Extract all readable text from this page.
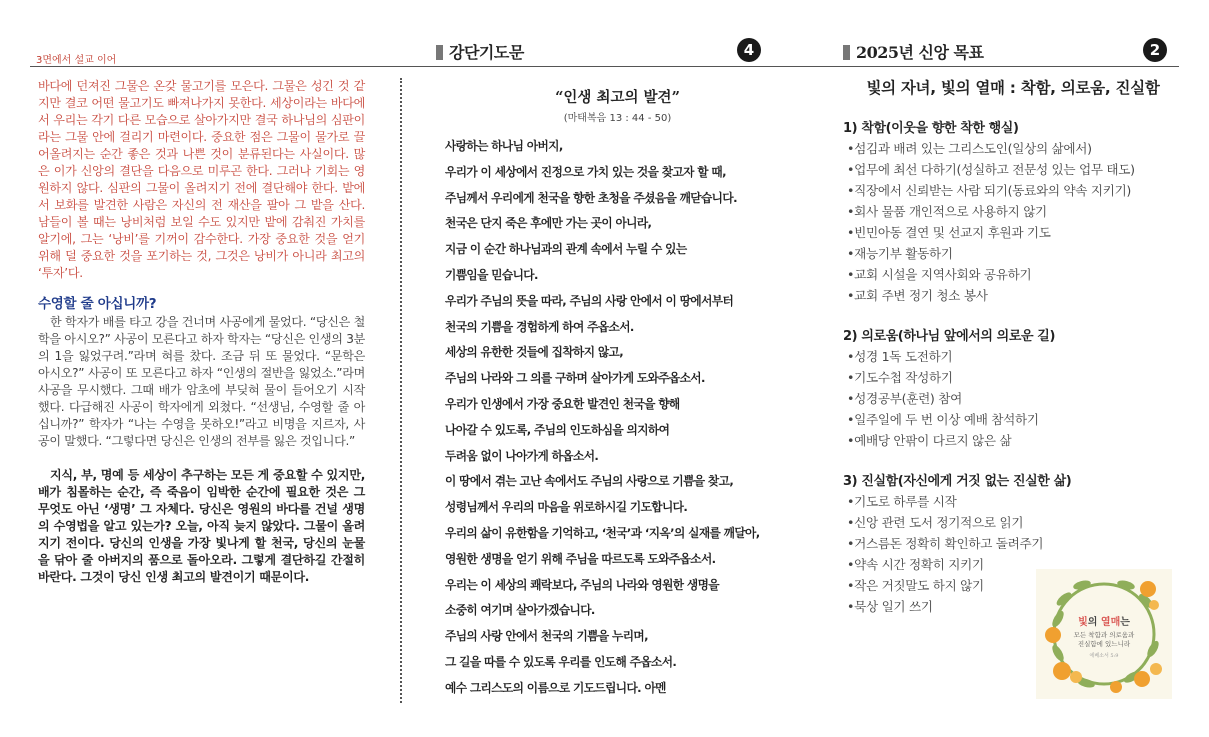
3면에서 설교 이어	강단기도문	4	2025년 신앙 목표	2
바다에 던져진 그물은 온갖 물고기를 모은다. 그물은 성긴 것 같지만 결코 어떤 물고기도 빠져나가지 못한다. 세상이라는 바다에서 우리는 각기 다른 모습으로 살아가지만 결국 하나님의 심판이라는 그물 안에 걸리기 마련이다. 중요한 점은 그물이 물가로 끌어올려지는 순간 좋은 것과 나쁜 것이 분류된다는 사실이다. 많은 이가 신앙의 결단을 다음으로 미루곤 한다. 그러나 기회는 영원하지 않다. 심판의 그물이 올려지기 전에 결단해야 한다. 밭에서 보화를 발견한 사람은 자신의 전 재산을 팔아 그 밭을 산다. 남들이 볼 때는 낭비처럼 보일 수도 있지만 밭에 감춰진 가치를 알기에, 그는 ‘낭비’를 기꺼이 감수한다. 가장 중요한 것을 얻기 위해 덜 중요한 것을 포기하는 것, 그것은 낭비가 아니라 최고의 ‘투자’다.
수영할 줄 아십니까?
한 학자가 배를 타고 강을 건너며 사공에게 물었다. “당신은 철학을 아시오?” 사공이 모른다고 하자 학자는 “당신은 인생의 3분의 1을 잃었구려.”라며 혀를 찼다. 조금 뒤 또 물었다. “문학은 아시오?” 사공이 또 모른다고 하자 “인생의 절반을 잃었소.”라며 사공을 무시했다. 그때 배가 암초에 부딪혀 물이 들어오기 시작했다. 다급해진 사공이 학자에게 외쳤다. “선생님, 수영할 줄 아십니까?” 학자가 “나는 수영을 못하오!”라고 비명을 지르자, 사공이 말했다. “그렇다면 당신은 인생의 전부를 잃은 것입니다.”
지식, 부, 명예 등 세상이 추구하는 모든 게 중요할 수 있지만, 배가 침몰하는 순간, 즉 죽음이 임박한 순간에 필요한 것은 그 무엇도 아닌 ‘생명’ 그 자체다. 당신은 영원의 바다를 건널 생명의 수영법을 알고 있는가? 오늘, 아직 늦지 않았다. 그물이 올려지기 전이다. 당신의 인생을 가장 빛나게 할 천국, 당신의 눈물을 닦아 줄 아버지의 품으로 돌아오라. 그렇게 결단하길 간절히 바란다. 그것이 당신 인생 최고의 발견이기 때문이다.
“인생 최고의 발견”
(마태복음 13 : 44 - 50)
사랑하는 하나님 아버지,
우리가 이 세상에서 진정으로 가치 있는 것을 찾고자 할 때,
주님께서 우리에게 천국을 향한 초청을 주셨음을 깨닫습니다.
천국은 단지 죽은 후에만 가는 곳이 아니라,
지금 이 순간 하나님과의 관계 속에서 누릴 수 있는
기쁨임을 믿습니다.
우리가 주님의 뜻을 따라, 주님의 사랑 안에서 이 땅에서부터
천국의 기쁨을 경험하게 하여 주옵소서.
세상의 유한한 것들에 집착하지 않고,
주님의 나라와 그 의를 구하며 살아가게 도와주옵소서.
우리가 인생에서 가장 중요한 발견인 천국을 향해
나아갈 수 있도록, 주님의 인도하심을 의지하여
두려움 없이 나아가게 하옵소서.
이 땅에서 겪는 고난 속에서도 주님의 사랑으로 기쁨을 찾고,
성령님께서 우리의 마음을 위로하시길 기도합니다.
우리의 삶이 유한함을 기억하고, ‘천국’과 ‘지옥’의 실재를 깨달아,
영원한 생명을 얻기 위해 주님을 따르도록 도와주옵소서.
우리는 이 세상의 쾌락보다, 주님의 나라와 영원한 생명을
소중히 여기며 살아가겠습니다.
주님의 사랑 안에서 천국의 기쁨을 누리며,
그 길을 따를 수 있도록 우리를 인도해 주옵소서.
예수 그리스도의 이름으로 기도드립니다. 아멘
빛의 자녀, 빛의 열매 : 착함, 의로움, 진실함
1) 착함(이웃을 향한 착한 행실)
•섬김과 배려 있는 그리스도인(일상의 삶에서)
•업무에 최선 다하기(성실하고 전문성 있는 업무 태도)
•직장에서 신뢰받는 사람 되기(동료와의 약속 지키기)
•회사 물품 개인적으로 사용하지 않기
•빈민아동 결연 및 선교지 후원과 기도
•재능기부 활동하기
•교회 시설을 지역사회와 공유하기
•교회 주변 정기 청소 봉사
2) 의로움(하나님 앞에서의 의로운 길)
•성경 1독 도전하기
•기도수첩 작성하기
•성경공부(훈련) 참여
•일주일에 두 번 이상 예배 참석하기
•예배당 안팎이 다르지 않은 삶
3) 진실함(자신에게 거짓 없는 진실한 삶)
•기도로 하루를 시작
•신앙 관련 도서 정기적으로 읽기
•거스름돈 정확히 확인하고 돌려주기
•약속 시간 정확히 지키기
•작은 거짓말도 하지 않기
•묵상 일기 쓰기
빛의 열매는
모든 착함과 의로움과
진실함에 있느니라
에베소서 5:9
